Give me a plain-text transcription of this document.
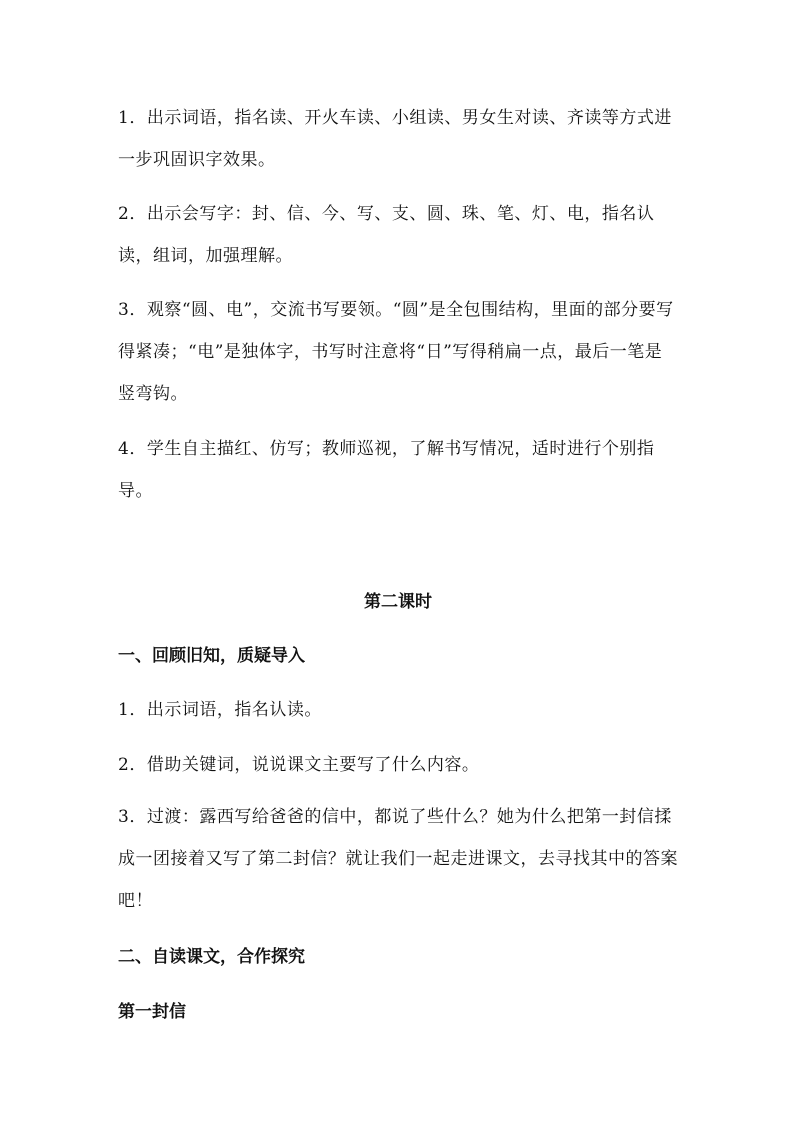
1．出示词语，指名读、开火车读、小组读、男女生对读、齐读等方式进一步巩固识字效果。

2．出示会写字：封、信、今、写、支、圆、珠、笔、灯、电，指名认读，组词，加强理解。

3．观察“圆、电”，交流书写要领。“圆”是全包围结构，里面的部分要写得紧凑；“电”是独体字，书写时注意将“日”写得稍扁一点，最后一笔是竖弯钩。

4．学生自主描红、仿写；教师巡视，了解书写情况，适时进行个别指导。

第二课时
一、回顾旧知，质疑导入

1．出示词语，指名认读。

2．借助关键词，说说课文主要写了什么内容。

3．过渡：露西写给爸爸的信中，都说了些什么？她为什么把第一封信揉成一团接着又写了第二封信？就让我们一起走进课文，去寻找其中的答案吧！

二、自读课文，合作探究
第一封信
